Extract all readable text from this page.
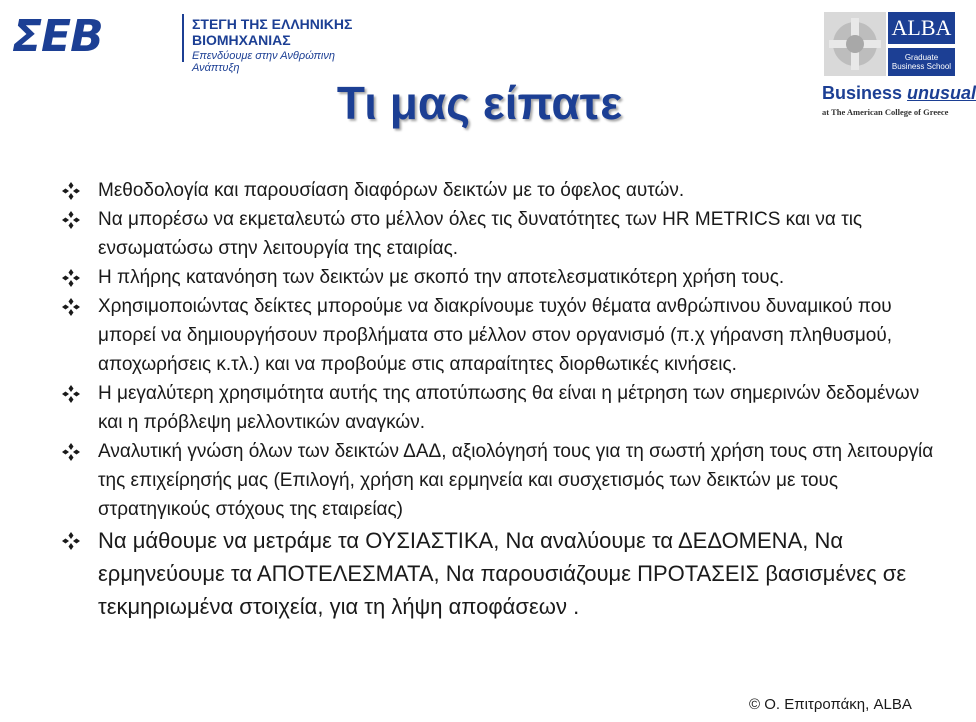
ΣΕΒ	ΣΤΕΓΗ ΤΗΣ ΕΛΛΗΝΙΚΗΣ
ΒΙΟΜΗΧΑΝΙΑΣ
Επενδύουμε στην Ανθρώπινη Ανάπτυξη
ALBA
Graduate
Business School
Business unusual
at The American College of Greece
Τι μας είπατε
Μεθοδολογία και παρουσίαση διαφόρων δεικτών με το όφελος αυτών.
Να μπορέσω να εκμεταλευτώ στο μέλλον όλες τις δυνατότητες των HR METRICS και να τις ενσωματώσω στην λειτουργία της εταιρίας.
Η πλήρης κατανόηση των δεικτών με σκοπό την αποτελεσματικότερη χρήση τους.
Χρησιμοποιώντας δείκτες μπορούμε να διακρίνουμε τυχόν θέματα ανθρώπινου δυναμικού που μπορεί να δημιουργήσουν προβλήματα στο μέλλον στον οργανισμό (π.χ γήρανση πληθυσμού, αποχωρήσεις κ.τλ.) και να προβούμε στις απαραίτητες διορθωτικές κινήσεις.
Η μεγαλύτερη χρησιμότητα αυτής της αποτύπωσης θα είναι η μέτρηση των σημερινών δεδομένων και η πρόβλεψη μελλοντικών αναγκών.
Αναλυτική γνώση όλων των δεικτών ΔΑΔ, αξιολόγησή τους για τη σωστή χρήση τους στη λειτουργία της επιχείρησής μας (Επιλογή, χρήση και ερμηνεία και συσχετισμός των δεικτών με τους στρατηγικούς στόχους της εταιρείας)
Να μάθουμε να μετράμε τα ΟΥΣΙΑΣΤΙΚΑ, Να αναλύουμε τα ΔΕΔΟΜΕΝΑ, Να ερμηνεύουμε τα ΑΠΟΤΕΛΕΣΜΑΤΑ, Να παρουσιάζουμε ΠΡΟΤΑΣΕΙΣ βασισμένες σε τεκμηριωμένα στοιχεία, για τη λήψη αποφάσεων .
© Ο. Επιτροπάκη, ALBA
